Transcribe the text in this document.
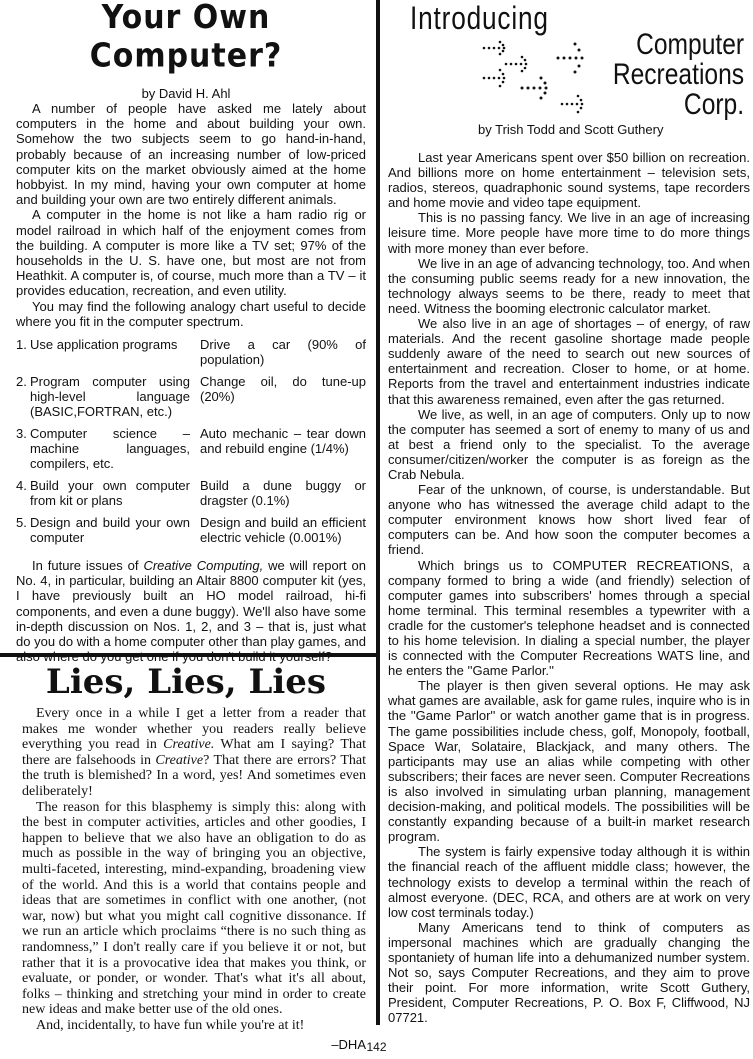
Your Own Computer?
by David H. Ahl

A number of people have asked me lately about computers in the home and about building your own. Somehow the two subjects seem to go hand-in-hand, probably because of an increasing number of low-priced computer kits on the market obviously aimed at the home hobbyist. In my mind, having your own computer at home and building your own are two entirely different animals.

A computer in the home is not like a ham radio rig or model railroad in which half of the enjoyment comes from the building. A computer is more like a TV set; 97% of the households in the U. S. have one, but most are not from Heathkit. A computer is, of course, much more than a TV – it provides education, recreation, and even utility.

You may find the following analogy chart useful to decide where you fit in the computer spectrum.

1.	Use application programs	Drive a car (90% of population)
2.	Program computer using high-level language (BASIC,FORTRAN, etc.)	Change oil, do tune-up (20%)
3.	Computer science – machine languages, compilers, etc.	Auto mechanic – tear down and rebuild engine (1/4%)
4.	Build your own computer from kit or plans	Build a dune buggy or dragster (0.1%)
5.	Design and build your own computer	Design and build an efficient electric vehicle (0.001%)

In future issues of Creative Computing, we will report on No. 4, in particular, building an Altair 8800 computer kit (yes, I have previously built an HO model railroad, hi-fi components, and even a dune buggy). We'll also have some in-depth discussion on Nos. 1, 2, and 3 – that is, just what do you do with a home computer other than play games, and also where do you get one if you don't build it yourself?

Lies, Lies, Lies

Every once in a while I get a letter from a reader that makes me wonder whether you readers really believe everything you read in Creative. What am I saying? That there are falsehoods in Creative? That there are errors? That the truth is blemished? In a word, yes! And sometimes even deliberately!

The reason for this blasphemy is simply this: along with the best in computer activities, articles and other goodies, I happen to believe that we also have an obligation to do as much as possible in the way of bringing you an objective, multi-faceted, interesting, mind-expanding, broadening view of the world. And this is a world that contains people and ideas that are sometimes in conflict with one another, (not war, now) but what you might call cognitive dissonance. If we run an article which proclaims “there is no such thing as randomness,” I don't really care if you believe it or not, but rather that it is a provocative idea that makes you think, or evaluate, or ponder, or wonder. That's what it's all about, folks – thinking and stretching your mind in order to create new ideas and make better use of the old ones.

And, incidentally, to have fun while you're at it!

–DHA
Introducing
Computer
Recreations
Corp.
by Trish Todd and Scott Guthery

Last year Americans spent over $50 billion on recreation. And billions more on home entertainment – television sets, radios, stereos, quadraphonic sound systems, tape recorders and home movie and video tape equipment.

This is no passing fancy. We live in an age of increasing leisure time. More people have more time to do more things with more money than ever before.

We live in an age of advancing technology, too. And when the consuming public seems ready for a new innovation, the technology always seems to be there, ready to meet that need. Witness the booming electronic calculator market.

We also live in an age of shortages – of energy, of raw materials. And the recent gasoline shortage made people suddenly aware of the need to search out new sources of entertainment and recreation. Closer to home, or at home. Reports from the travel and entertainment industries indicate that this awareness remained, even after the gas returned.

We live, as well, in an age of computers. Only up to now the computer has seemed a sort of enemy to many of us and at best a friend only to the specialist. To the average consumer/citizen/worker the computer is as foreign as the Crab Nebula.

Fear of the unknown, of course, is understandable. But anyone who has witnessed the average child adapt to the computer environment knows how short lived fear of computers can be. And how soon the computer becomes a friend.

Which brings us to COMPUTER RECREATIONS, a company formed to bring a wide (and friendly) selection of computer games into subscribers' homes through a special home terminal. This terminal resembles a typewriter with a cradle for the customer's telephone headset and is connected to his home television. In dialing a special number, the player is connected with the Computer Recreations WATS line, and he enters the ''Game Parlor.''

The player is then given several options. He may ask what games are available, ask for game rules, inquire who is in the ''Game Parlor'' or watch another game that is in progress. The game possibilities include chess, golf, Monopoly, football, Space War, Solataire, Blackjack, and many others. The participants may use an alias while competing with other subscribers; their faces are never seen. Computer Recreations is also involved in simulating urban planning, management decision-making, and political models. The possibilities will be constantly expanding because of a built-in market research program.

The system is fairly expensive today although it is within the financial reach of the affluent middle class; however, the technology exists to develop a terminal within the reach of almost everyone. (DEC, RCA, and others are at work on very low cost terminals today.)

Many Americans tend to think of computers as impersonal machines which are gradually changing the spontaniety of human life into a dehumanized number system. Not so, says Computer Recreations, and they aim to prove their point. For more information, write Scott Guthery, President, Computer Recreations, P. O. Box F, Cliffwood, NJ 07721.

142
